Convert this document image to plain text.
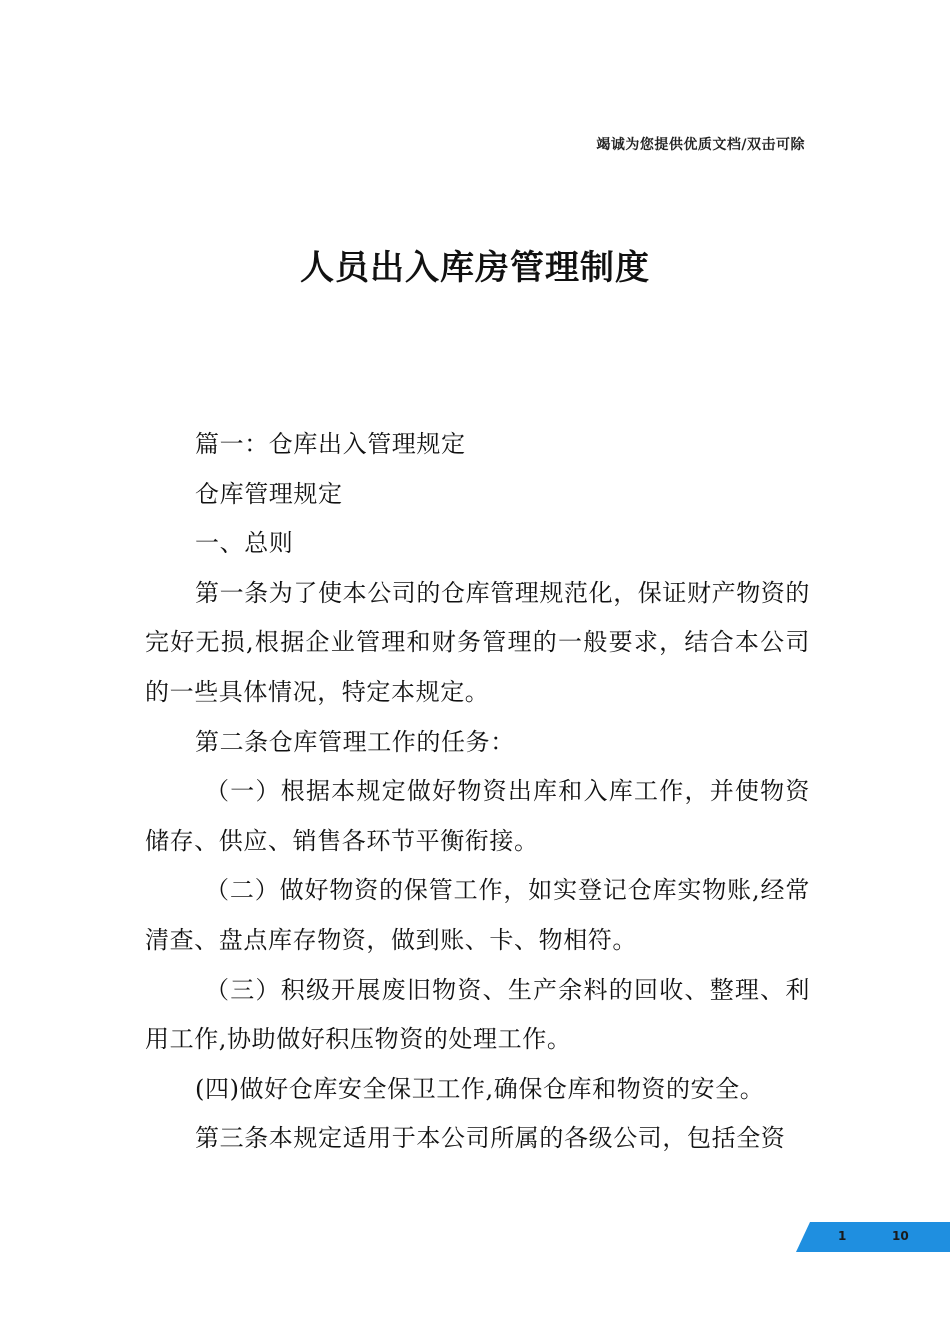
竭诚为您提供优质文档/双击可除
人员出入库房管理制度

篇一：仓库出入管理规定

仓库管理规定

一、总则

第一条为了使本公司的仓库管理规范化，保证财产物资的完好无损,根据企业管理和财务管理的一般要求，结合本公司的一些具体情况，特定本规定。

第二条仓库管理工作的任务：

（一）根据本规定做好物资出库和入库工作，并使物资储存、供应、销售各环节平衡衔接。

（二）做好物资的保管工作，如实登记仓库实物账,经常清查、盘点库存物资，做到账、卡、物相符。

（三）积级开展废旧物资、生产余料的回收、整理、利用工作,协助做好积压物资的处理工作。

(四)做好仓库安全保卫工作,确保仓库和物资的安全。

第三条本规定适用于本公司所属的各级公司，包括全资

1	10
